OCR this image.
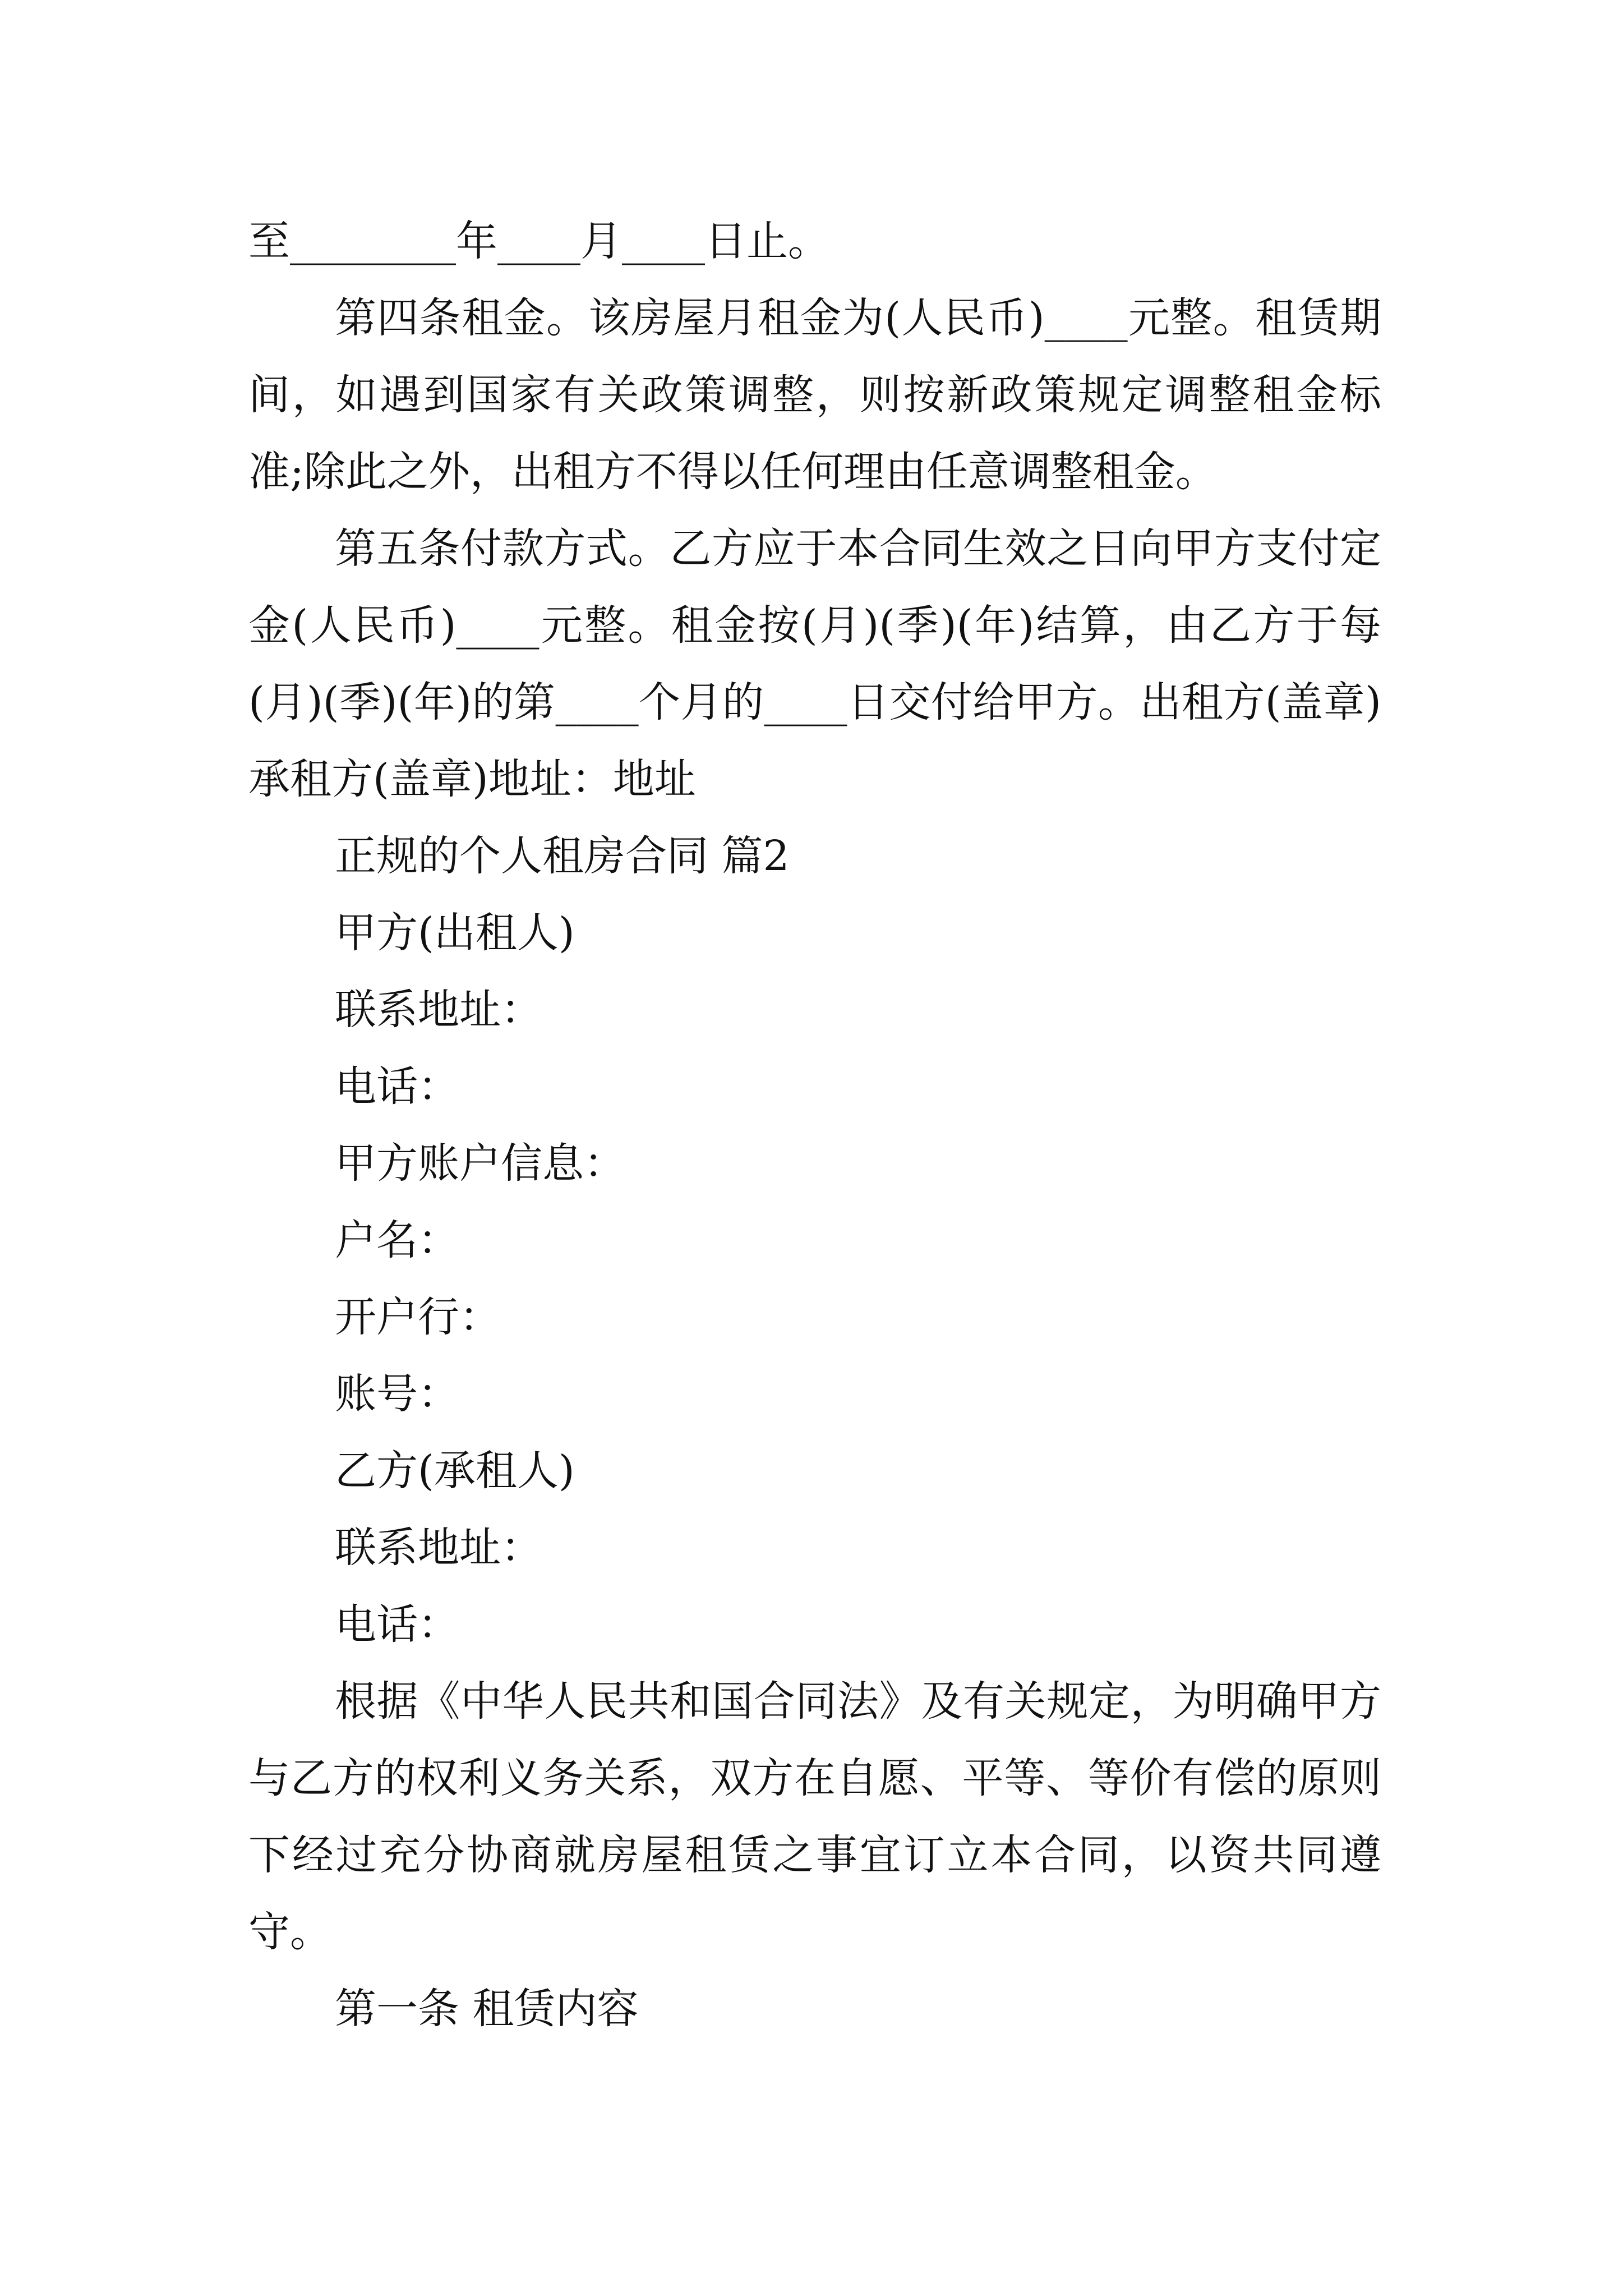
至________年____月____日止。

第四条租金。该房屋月租金为(人民币)____元整。租赁期间，如遇到国家有关政策调整，则按新政策规定调整租金标准;除此之外，出租方不得以任何理由任意调整租金。

第五条付款方式。乙方应于本合同生效之日向甲方支付定金(人民币)____元整。租金按(月)(季)(年)结算，由乙方于每(月)(季)(年)的第____个月的____日交付给甲方。出租方(盖章)承租方(盖章)地址：地址

正规的个人租房合同 篇2

甲方(出租人)

联系地址：

电话：

甲方账户信息：

户名：

开户行：

账号：

乙方(承租人)

联系地址：

电话：

根据《中华人民共和国合同法》及有关规定，为明确甲方与乙方的权利义务关系，双方在自愿、平等、等价有偿的原则下经过充分协商就房屋租赁之事宜订立本合同，以资共同遵守。

第一条 租赁内容
